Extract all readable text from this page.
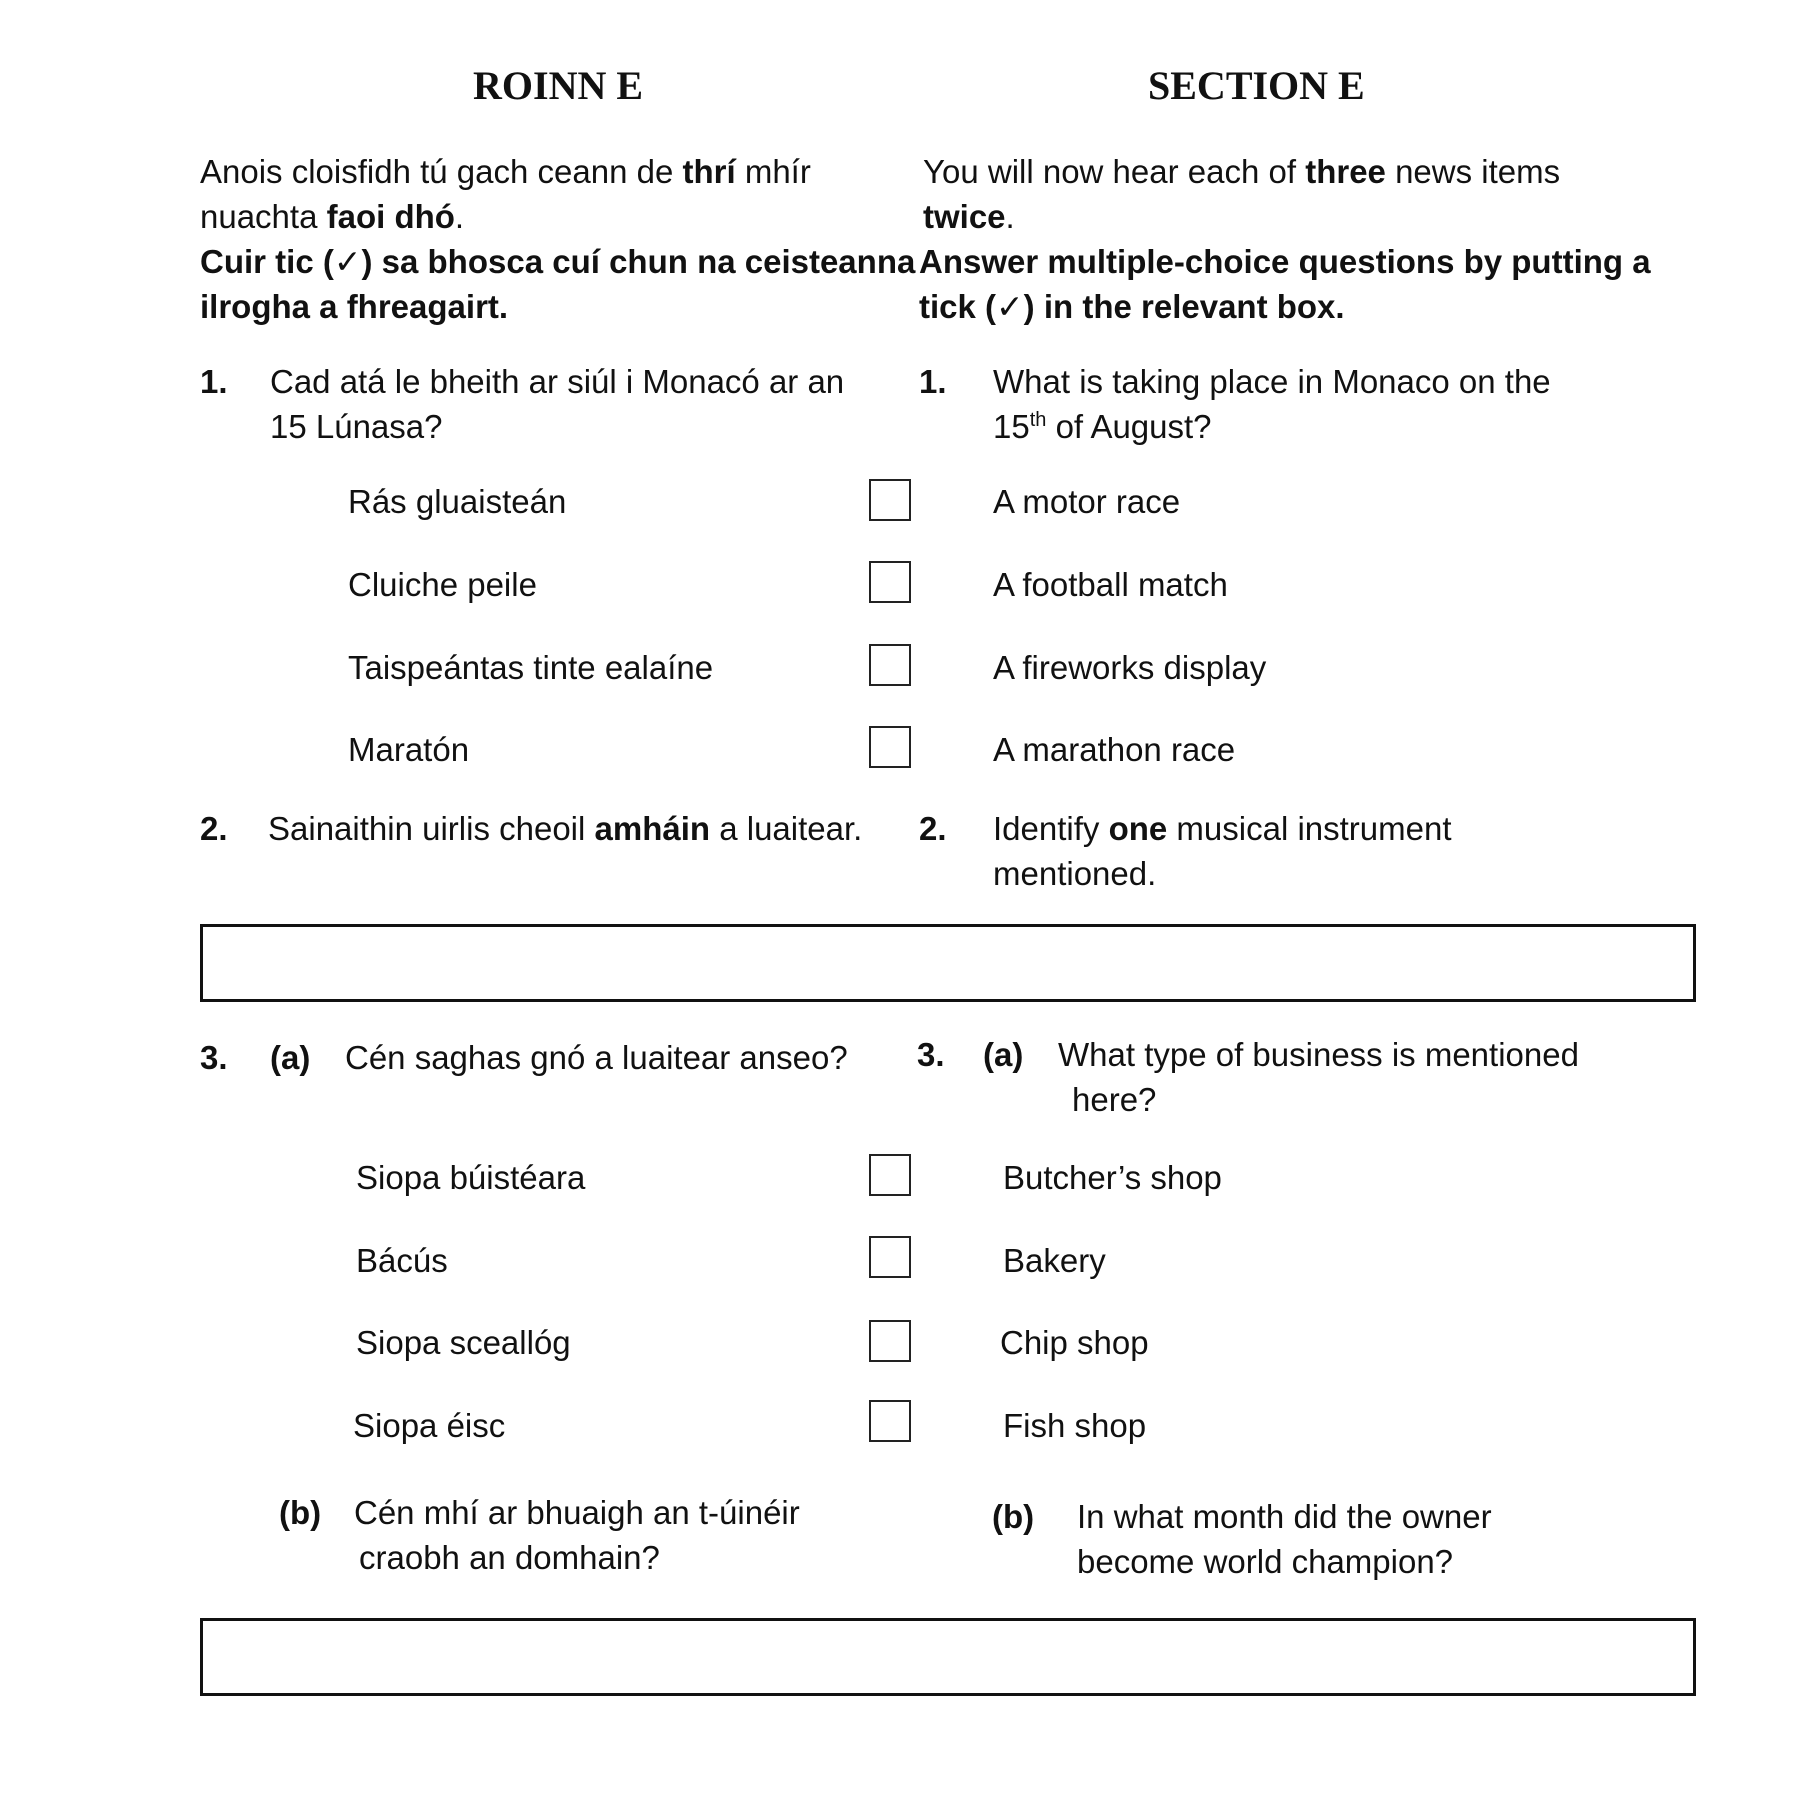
ROINN E	SECTION E
Anois cloisfidh tú gach ceann de thrí mhír
nuachta faoi dhó.
Cuir tic (✓) sa bhosca cuí chun na ceisteanna
ilrogha a fhreagairt.
You will now hear each of three news items
twice.
Answer multiple-choice questions by putting a
tick (✓) in the relevant box.
1. Cad atá le bheith ar siúl i Monacó ar an
15 Lúnasa?
1. What is taking place in Monaco on the
15th of August?
Rás gluaisteán	A motor race
Cluiche peile	A football match
Taispeántas tinte ealaíne	A fireworks display
Maratón	A marathon race
2. Sainaithin uirlis cheoil amháin a luaitear. 2. Identify one musical instrument
mentioned.
3. (a) Cén saghas gnó a luaitear anseo? 3. (a) What type of business is mentioned
here?
Siopa búistéara	Butcher’s shop
Bácús	Bakery
Siopa sceallóg	Chip shop
Siopa éisc	Fish shop
(b) Cén mhí ar bhuaigh an t-úinéir
craobh an domhain?
(b) In what month did the owner
become world champion?
